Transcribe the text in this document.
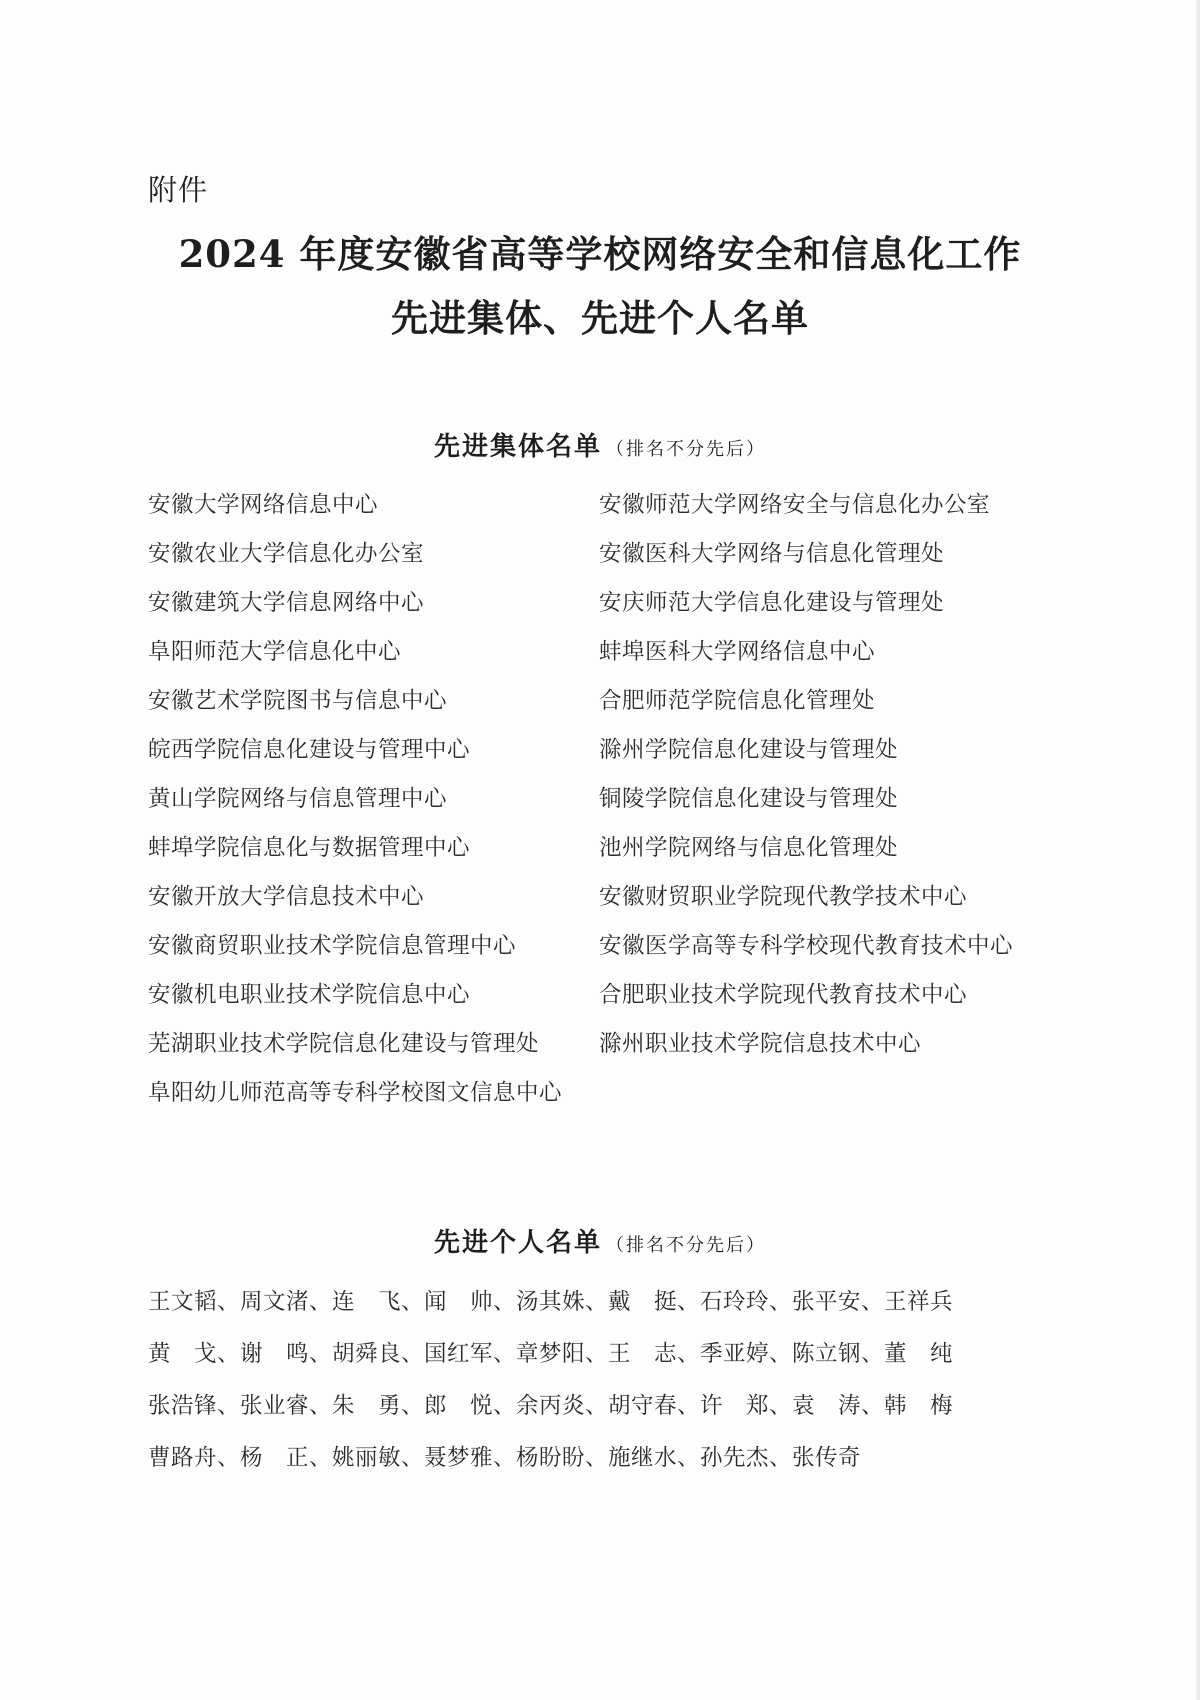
附件
2024 年度安徽省高等学校网络安全和信息化工作
先进集体、先进个人名单
先进集体名单 （排名不分先后）
安徽大学网络信息中心
安徽农业大学信息化办公室
安徽建筑大学信息网络中心
阜阳师范大学信息化中心
安徽艺术学院图书与信息中心
皖西学院信息化建设与管理中心
黄山学院网络与信息管理中心
蚌埠学院信息化与数据管理中心
安徽开放大学信息技术中心
安徽商贸职业技术学院信息管理中心
安徽机电职业技术学院信息中心
芜湖职业技术学院信息化建设与管理处
阜阳幼儿师范高等专科学校图文信息中心
安徽师范大学网络安全与信息化办公室
安徽医科大学网络与信息化管理处
安庆师范大学信息化建设与管理处
蚌埠医科大学网络信息中心
合肥师范学院信息化管理处
滁州学院信息化建设与管理处
铜陵学院信息化建设与管理处
池州学院网络与信息化管理处
安徽财贸职业学院现代教学技术中心
安徽医学高等专科学校现代教育技术中心
合肥职业技术学院现代教育技术中心
滁州职业技术学院信息技术中心
先进个人名单 （排名不分先后）
王文韬、周文渚、连　飞、闻　帅、汤其姝、戴　挺、石玲玲、张平安、王祥兵
黄　戈、谢　鸣、胡舜良、国红军、章梦阳、王　志、季亚婷、陈立钢、董　纯
张浩锋、张业睿、朱　勇、郎　悦、余丙炎、胡守春、许　郑、袁　涛、韩　梅
曹路舟、杨　正、姚丽敏、聂梦雅、杨盼盼、施继水、孙先杰、张传奇
